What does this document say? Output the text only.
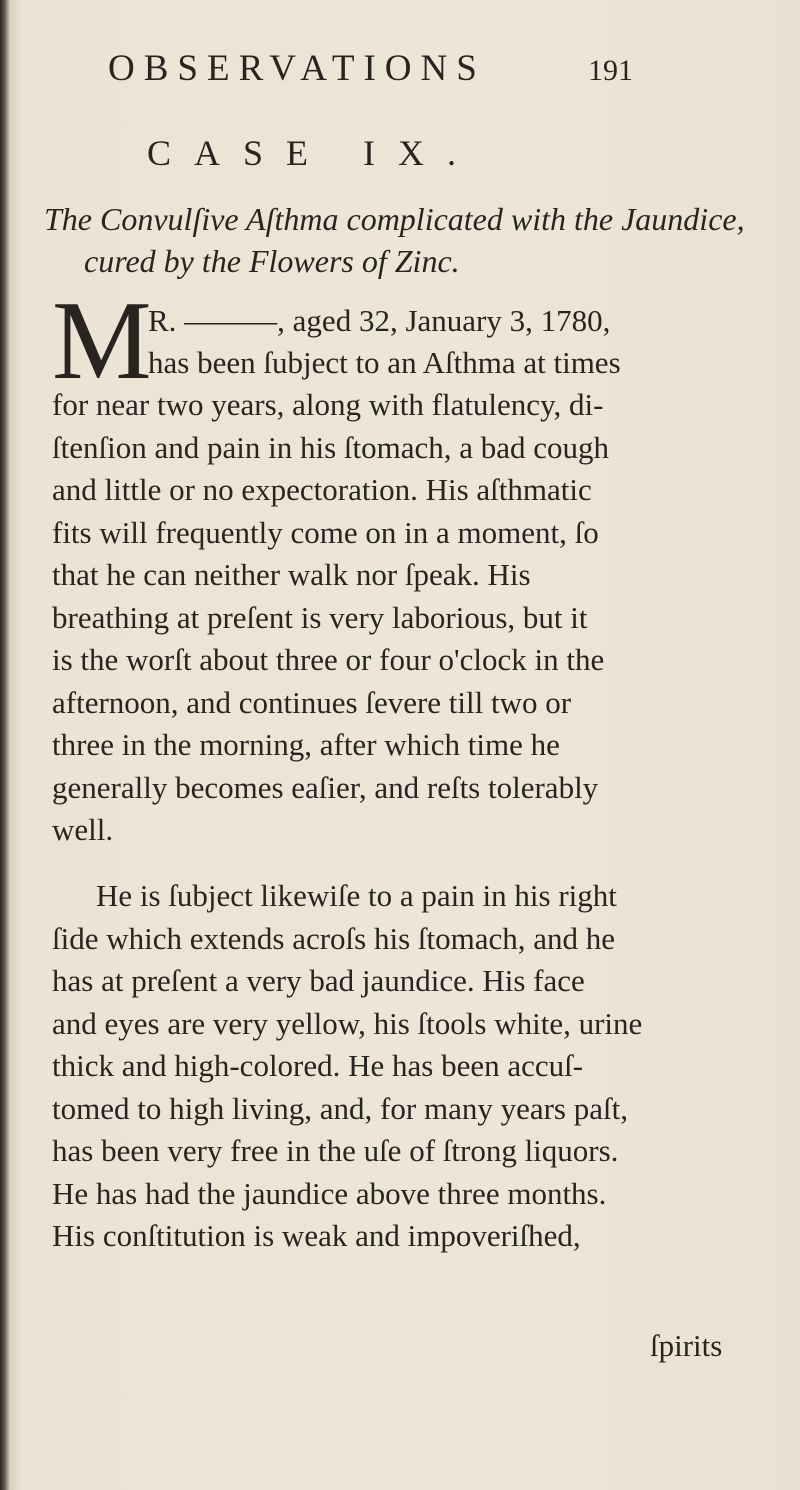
OBSERVATIONS	191
CASE IX.
The Convulſive Aſthma complicated with the Jaundice,
cured by the Flowers of Zinc.
M
R. ———, aged 32, January 3, 1780,
has been ſubject to an Aſthma at times
for near two years, along with flatulency, di-
ſtenſion and pain in his ſtomach, a bad cough
and little or no expectoration. His aſthmatic
fits will frequently come on in a moment, ſo
that he can neither walk nor ſpeak. His
breathing at preſent is very laborious, but it
is the worſt about three or four o'clock in the
afternoon, and continues ſevere till two or
three in the morning, after which time he
generally becomes eaſier, and reſts tolerably
well.
He is ſubject likewiſe to a pain in his right
ſide which extends acroſs his ſtomach, and he
has at preſent a very bad jaundice. His face
and eyes are very yellow, his ſtools white, urine
thick and high-colored. He has been accuſ-
tomed to high living, and, for many years paſt,
has been very free in the uſe of ſtrong liquors.
He has had the jaundice above three months.
His conſtitution is weak and impoveriſhed,
ſpirits
